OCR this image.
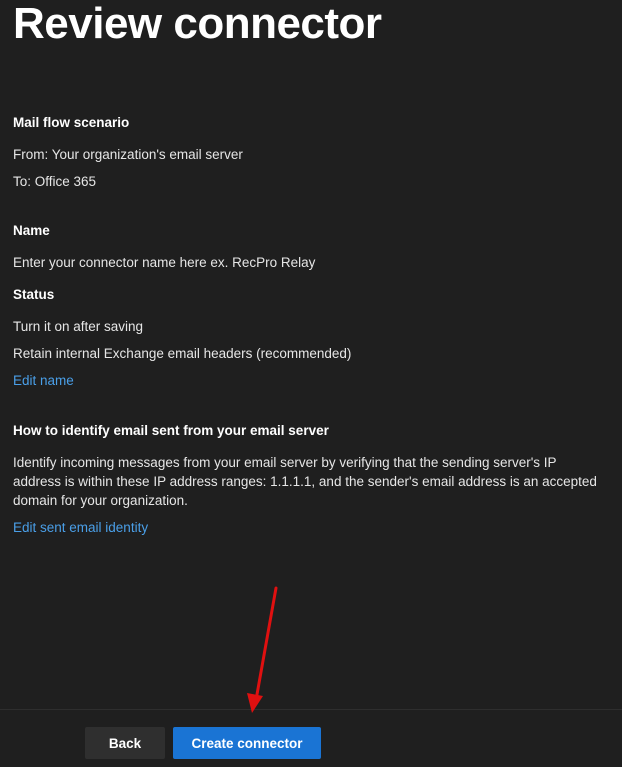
Review connector
Mail flow scenario
From: Your organization's email server
To: Office 365
Name
Enter your connector name here ex. RecPro Relay
Status
Turn it on after saving
Retain internal Exchange email headers (recommended)
Edit name
How to identify email sent from your email server
Identify incoming messages from your email server by verifying that the sending server's IP address is within these IP address ranges: 1.1.1.1, and the sender's email address is an accepted domain for your organization.
Edit sent email identity
Back	Create connector
